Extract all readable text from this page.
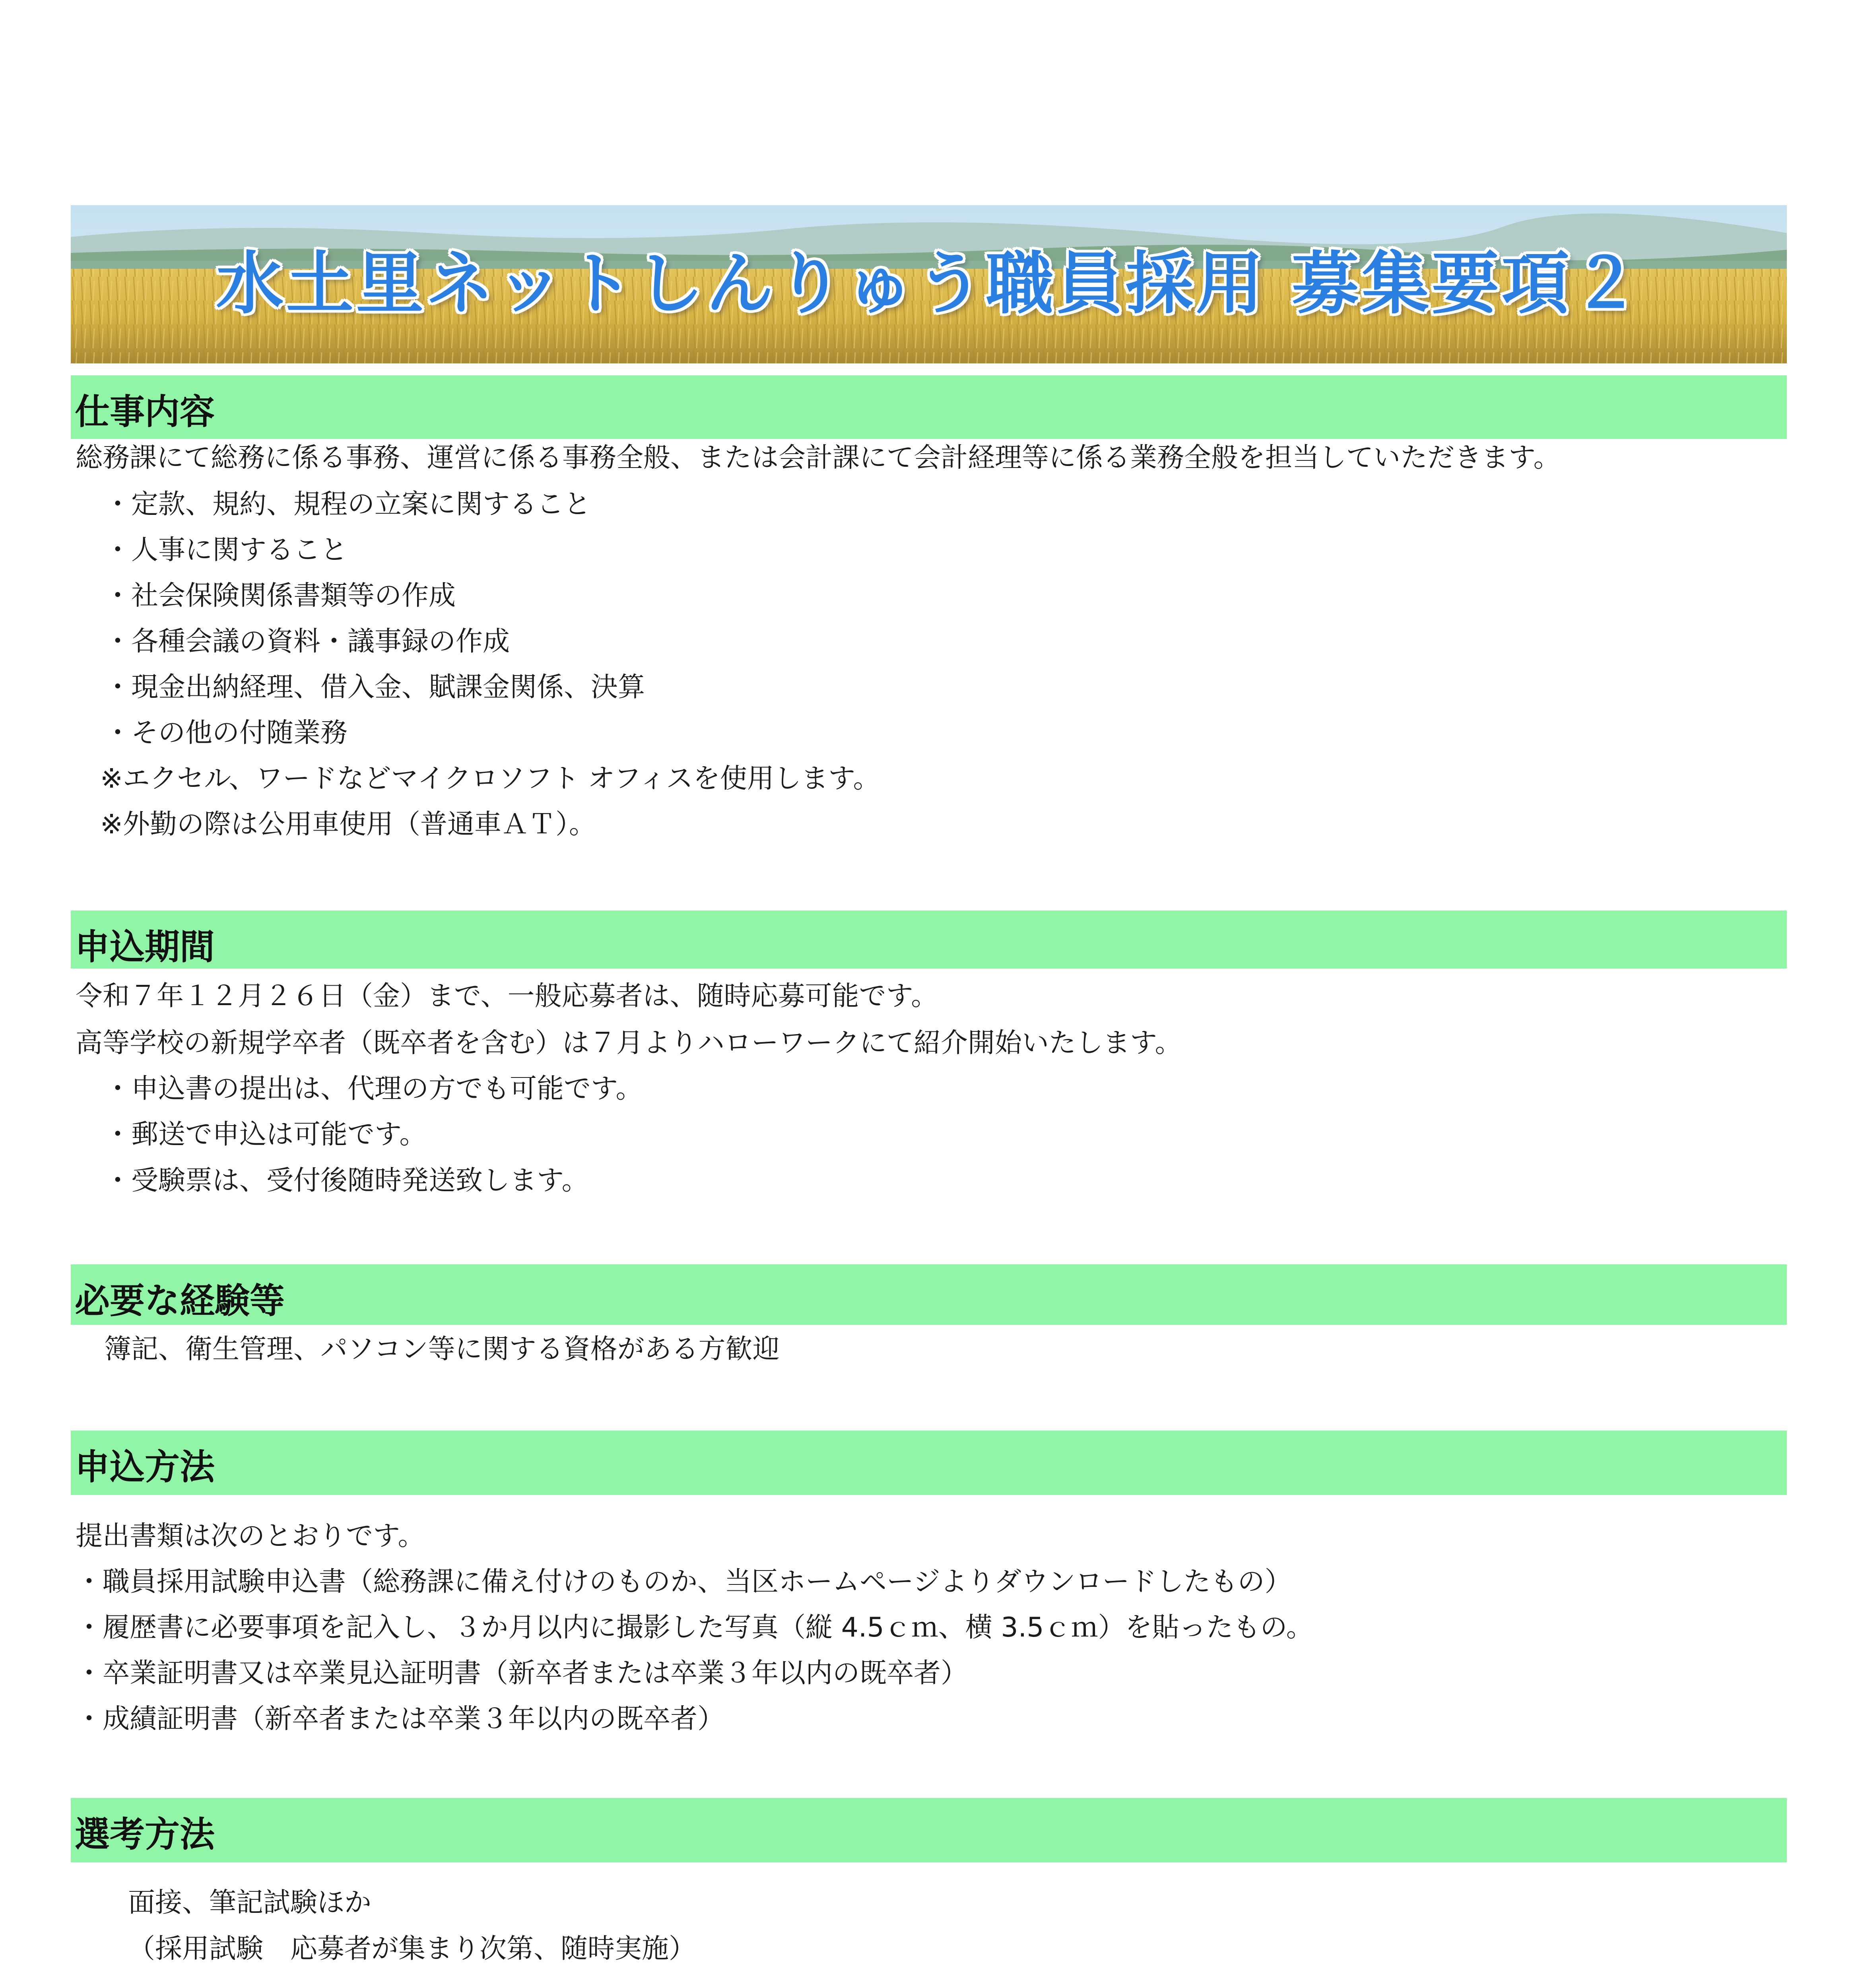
水土里ネットしんりゅう職員採用 募集要項２
仕事内容
総務課にて総務に係る事務、運営に係る事務全般、または会計課にて会計経理等に係る業務全般を担当していただきます。
・定款、規約、規程の立案に関すること
・人事に関すること
・社会保険関係書類等の作成
・各種会議の資料・議事録の作成
・現金出納経理、借入金、賦課金関係、決算
・その他の付随業務
※エクセル、ワードなどマイクロソフト オフィスを使用します。
※外勤の際は公用車使用（普通車ＡＴ）。
申込期間
令和７年１２月２６日（金）まで、一般応募者は、随時応募可能です。
高等学校の新規学卒者（既卒者を含む）は７月よりハローワークにて紹介開始いたします。
・申込書の提出は、代理の方でも可能です。
・郵送で申込は可能です。
・受験票は、受付後随時発送致します。
必要な経験等
簿記、衛生管理、パソコン等に関する資格がある方歓迎
申込方法
提出書類は次のとおりです。
・職員採用試験申込書（総務課に備え付けのものか、当区ホームページよりダウンロードしたもの）
・履歴書に必要事項を記入し、３か月以内に撮影した写真（縦 4.5ｃｍ、横 3.5ｃｍ）を貼ったもの。
・卒業証明書又は卒業見込証明書（新卒者または卒業３年以内の既卒者）
・成績証明書（新卒者または卒業３年以内の既卒者）
選考方法
面接、筆記試験ほか
（採用試験　応募者が集まり次第、随時実施）
